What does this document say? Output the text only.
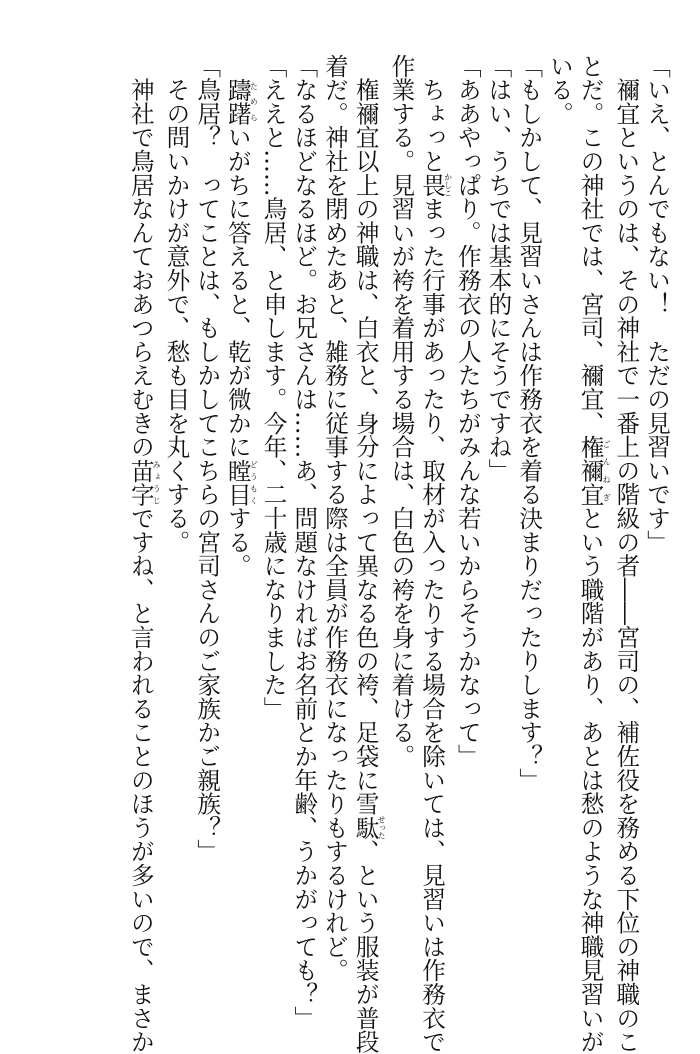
「いえ、とんでもない！　ただの見習いです」
　禰宜というのは、その神社で一番上の階級の者――宮司の、補佐役を務める下位の神職のこ
とだ。この神社では、宮司、禰宜、権禰宜ごんねぎという職階があり、あとは愁のような神職見習いが
いる。
「もしかして、見習いさんは作務衣を着る決まりだったりします？」
「はい、うちでは基本的にそうですね」
「ああやっぱり。作務衣の人たちがみんな若いからそうかなって」
　ちょっと畏かしこまった行事があったり、取材が入ったりする場合を除いては、見習いは作務衣で
作業する。見習いが袴を着用する場合は、白色の袴を身に着ける。
　権禰宜以上の神職は、白衣と、身分によって異なる色の袴、足袋に雪駄せった、という服装が普段
着だ。神社を閉めたあと、雑務に従事する際は全員が作務衣になったりもするけれど。
「なるほどなるほど。お兄さんは……あ、問題なければお名前とか年齢、うかがっても？」
「ええと……鳥居、と申します。今年、二十歳になりました」
　躊躇ためらいがちに答えると、乾が微かに瞠目どうもくする。
「鳥居？　ってことは、もしかしてこちらの宮司さんのご家族かご親族？」
　その問いかけが意外で、愁も目を丸くする。
　神社で鳥居なんておあつらえむきの苗字みょうじですね、と言われることのほうが多いので、まさか
